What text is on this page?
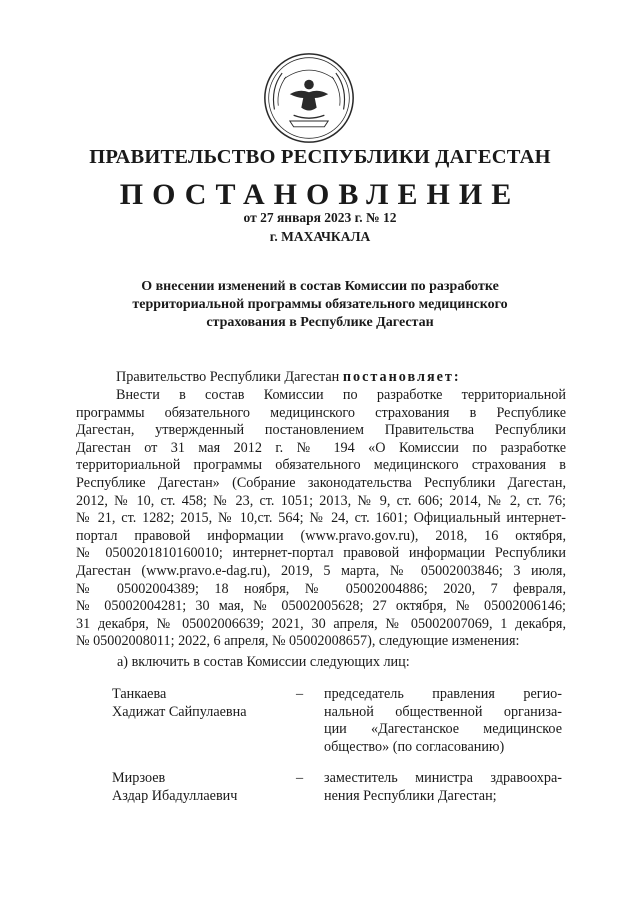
ПРАВИТЕЛЬСТВО РЕСПУБЛИКИ ДАГЕСТАН
ПОСТАНОВЛЕНИЕ
от 27 января 2023 г. № 12
г. МАХАЧКАЛА
О внесении изменений в состав Комиссии по разработке
территориальной программы обязательного медицинского
страхования в Республике Дагестан
Правительство Республики Дагестан постановляет:
Внести в состав Комиссии по разработке территориальной
программы обязательного медицинского страхования в Республике
Дагестан, утвержденный постановлением Правительства Республики
Дагестан от 31 мая 2012 г. № 194 «О Комиссии по разработке
территориальной программы обязательного медицинского страхования в
Республике Дагестан» (Собрание законодательства Республики Дагестан,
2012, № 10, ст. 458; № 23, ст. 1051; 2013, № 9, ст. 606; 2014, № 2, ст. 76;
№ 21, ст. 1282; 2015, № 10,ст. 564; № 24, ст. 1601; Официальный интернет-
портал правовой информации (www.pravo.gov.ru), 2018, 16 октября,
№ 0500201810160010; интернет-портал правовой информации Республики
Дагестан (www.pravo.e-dag.ru), 2019, 5 марта, № 05002003846; 3 июля,
№ 05002004389; 18 ноября, № 05002004886; 2020, 7 февраля,
№ 05002004281; 30 мая, № 05002005628; 27 октября, № 05002006146;
31 декабря, № 05002006639; 2021, 30 апреля, № 05002007069, 1 декабря,
№ 05002008011; 2022, 6 апреля, № 05002008657), следующие изменения:
а) включить в состав Комиссии следующих лиц:
Танкаева
Хадижат Сайпулаевна
–	председатель правления регио-
нальной общественной организа-
ции «Дагестанское медицинское
общество» (по согласованию)
Мирзоев
Аздар Ибадуллаевич
–	заместитель министра здравоохра-
нения Республики Дагестан;
